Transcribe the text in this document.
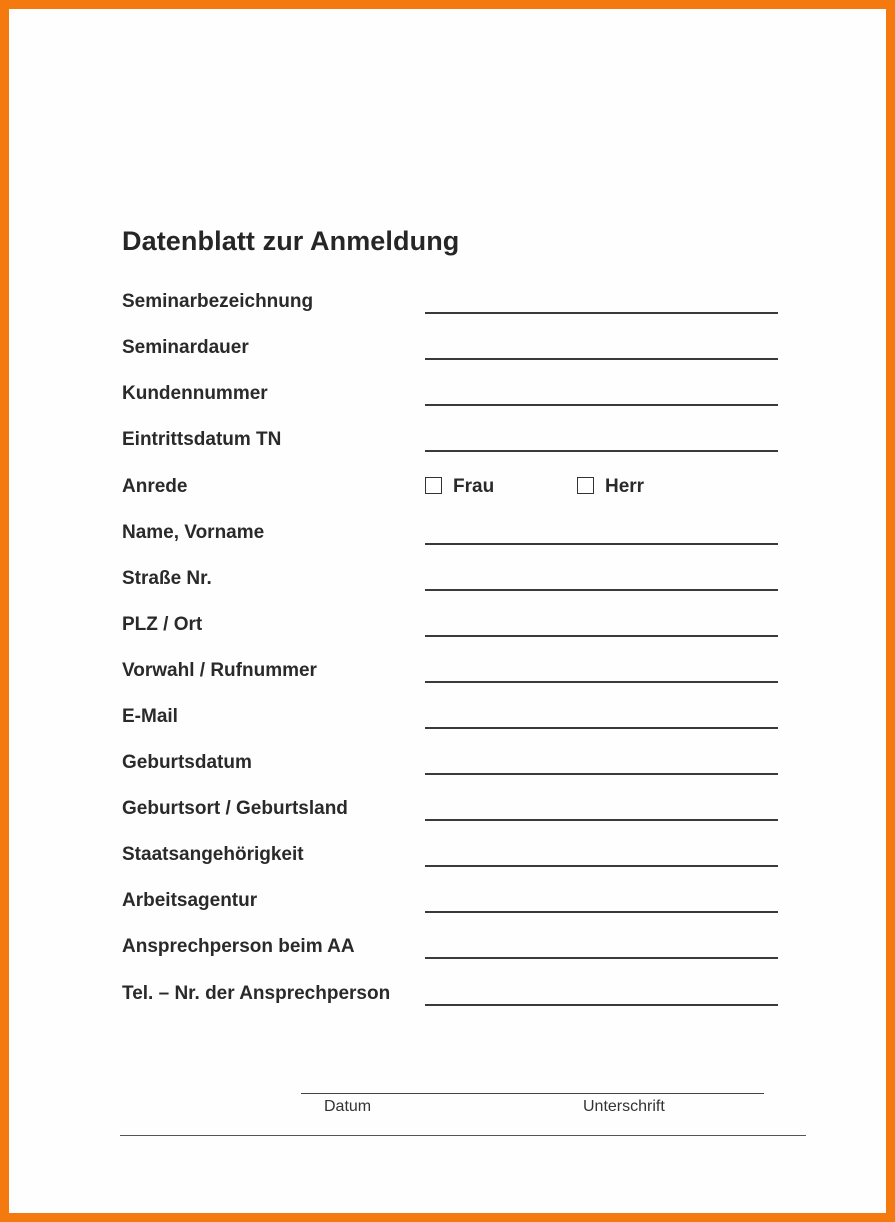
Datenblatt zur Anmeldung
Seminarbezeichnung
Seminardauer
Kundennummer
Eintrittsdatum TN
Anrede	Frau	Herr
Name, Vorname
Straße Nr.
PLZ / Ort
Vorwahl / Rufnummer
E-Mail
Geburtsdatum
Geburtsort / Geburtsland
Staatsangehörigkeit
Arbeitsagentur
Ansprechperson beim AA
Tel. – Nr. der Ansprechperson
Datum	Unterschrift
